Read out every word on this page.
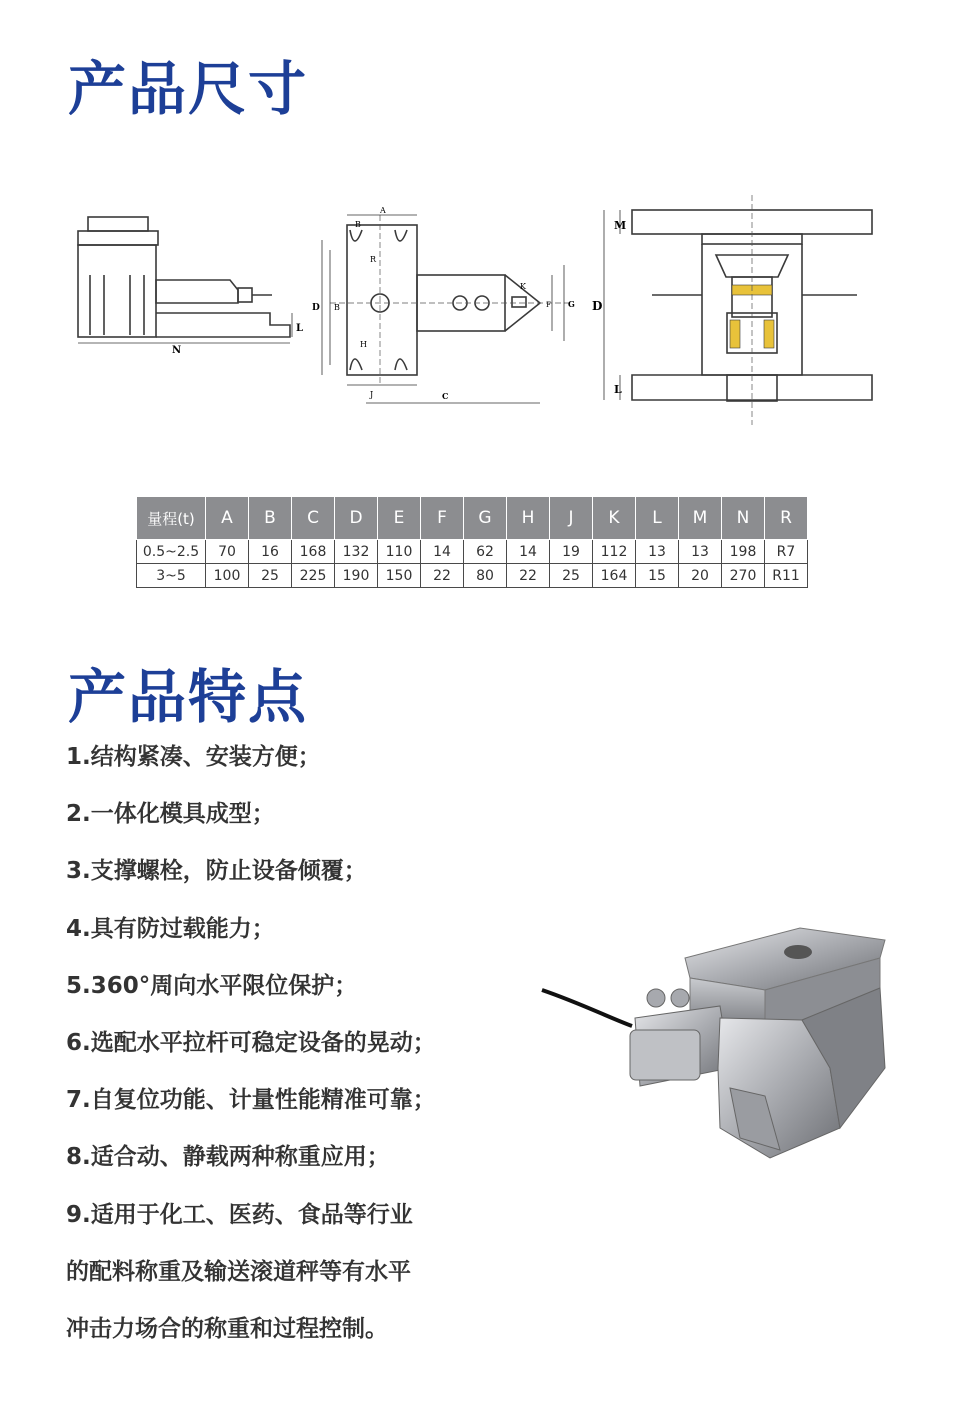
产品尺寸
N
L
A
B
R
D B
H
J	C
K
F G
M
D
L
量程(t)	A	B	C	D	E	F	G	H	J	K	L	M	N	R
0.5~2.5	70	16	168	132	110	14	62	14	19	112	13	13	198	R7
3~5	100	25	225	190	150	22	80	22	25	164	15	20	270	R11
产品特点
1.结构紧凑、安装方便；
2.一体化模具成型；
3.支撑螺栓，防止设备倾覆；
4.具有防过载能力；
5.360°周向水平限位保护；
6.选配水平拉杆可稳定设备的晃动；
7.自复位功能、计量性能精准可靠；
8.适合动、静载两种称重应用；
9.适用于化工、医药、食品等行业
的配料称重及输送滚道秤等有水平
冲击力场合的称重和过程控制。
